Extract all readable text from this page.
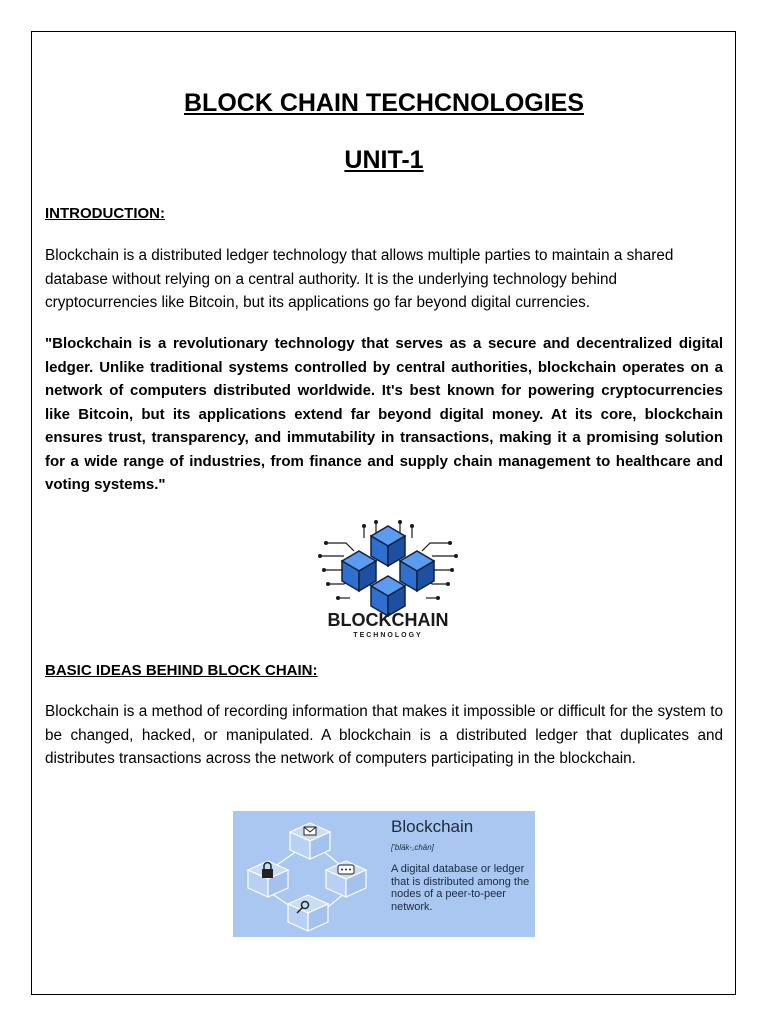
BLOCK CHAIN TECHCNOLOGIES
UNIT-1
INTRODUCTION:
Blockchain is a distributed ledger technology that allows multiple parties to maintain a shared database without relying on a central authority. It is the underlying technology behind cryptocurrencies like Bitcoin, but its applications go far beyond digital currencies.
"Blockchain is a revolutionary technology that serves as a secure and decentralized digital ledger. Unlike traditional systems controlled by central authorities, blockchain operates on a network of computers distributed worldwide. It's best known for powering cryptocurrencies like Bitcoin, but its applications extend far beyond digital money. At its core, blockchain ensures trust, transparency, and immutability in transactions, making it a promising solution for a wide range of industries, from finance and supply chain management to healthcare and voting systems."
BLOCKCHAIN
TECHNOLOGY
BASIC IDEAS BEHIND BLOCK CHAIN:
Blockchain is a method of recording information that makes it impossible or difficult for the system to be changed, hacked, or manipulated. A blockchain is a distributed ledger that duplicates and distributes transactions across the network of computers participating in the blockchain.
Blockchain
['bläk-,chān]
A digital database or ledger that is distributed among the nodes of a peer-to-peer network.
